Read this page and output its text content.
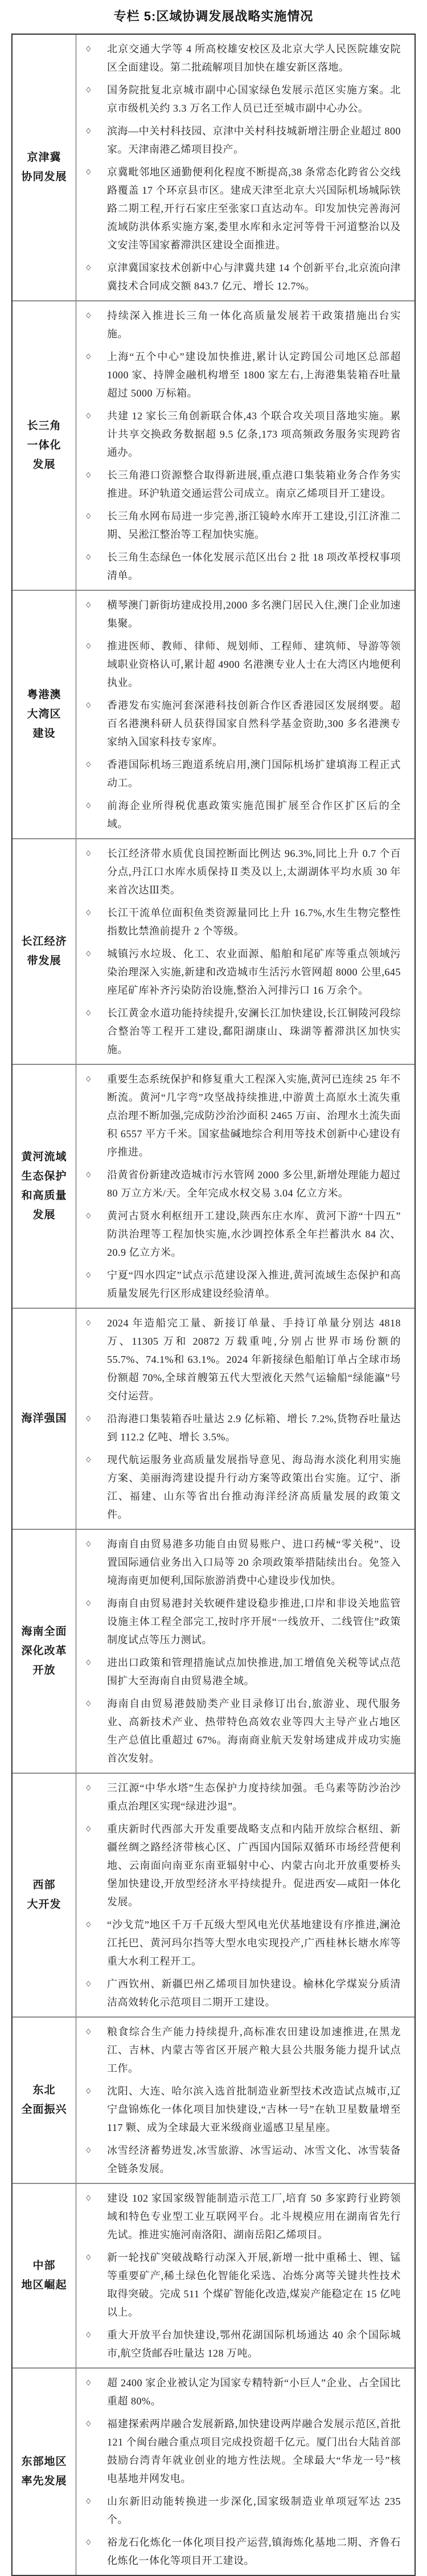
专栏 5:区域协调发展战略实施情况
京津冀
协同发展
◇	北京交通大学等 4 所高校雄安校区及北京大学人民医院雄安院区全面建设。第二批疏解项目加快在雄安新区落地。
◇	国务院批复北京城市副中心国家绿色发展示范区实施方案。北京市级机关约 3.3 万名工作人员已迁至城市副中心办公。
◇	滨海—中关村科技园、京津中关村科技城新增注册企业超过 800 家。天津南港乙烯项目投产。
◇	京冀毗邻地区通勤便利化程度不断提高,38 条常态化跨省公交线路覆盖 17 个环京县市区。建成天津至北京大兴国际机场城际铁路二期工程,开行石家庄至张家口直达动车。印发加快完善海河流域防洪体系实施方案,娄里水库和永定河等骨干河道整治以及文安洼等国家蓄滞洪区建设全面推进。
◇	京津冀国家技术创新中心与津冀共建 14 个创新平台,北京流向津冀技术合同成交额 843.7 亿元、增长 12.7%。
长三角
一体化
发展
◇	持续深入推进长三角一体化高质量发展若干政策措施出台实施。
◇	上海“五个中心”建设加快推进,累计认定跨国公司地区总部超 1000 家、持牌金融机构增至 1800 家左右,上海港集装箱吞吐量超过 5000 万标箱。
◇	共建 12 家长三角创新联合体,43 个联合攻关项目落地实施。累计共享交换政务数据超 9.5 亿条,173 项高频政务服务实现跨省通办。
◇	长三角港口资源整合取得新进展,重点港口集装箱业务合作务实推进。环沪轨道交通运营公司成立。南京乙烯项目开工建设。
◇	长三角水网布局进一步完善,浙江镜岭水库开工建设,引江济淮二期、吴淞江整治等工程加快实施。
◇	长三角生态绿色一体化发展示范区出台 2 批 18 项改革授权事项清单。
粤港澳
大湾区
建设
◇	横琴澳门新街坊建成投用,2000 多名澳门居民入住,澳门企业加速集聚。
◇	推进医师、教师、律师、规划师、工程师、建筑师、导游等领域职业资格认可,累计超 4900 名港澳专业人士在大湾区内地便利执业。
◇	香港发布实施河套深港科技创新合作区香港园区发展纲要。超百名港澳科研人员获得国家自然科学基金资助,300 多名港澳专家纳入国家科技专家库。
◇	香港国际机场三跑道系统启用,澳门国际机场扩建填海工程正式动工。
◇	前海企业所得税优惠政策实施范围扩展至合作区扩区后的全域。
长江经济
带发展
◇	长江经济带水质优良国控断面比例达 96.3%,同比上升 0.7 个百分点,丹江口水库水质保持Ⅱ类及以上,太湖湖体平均水质 30 年来首次达Ⅲ类。
◇	长江干流单位面积鱼类资源量同比上升 16.7%,水生生物完整性指数比禁渔前提升 2 个等级。
◇	城镇污水垃圾、化工、农业面源、船舶和尾矿库等重点领域污染治理深入实施,新建和改造城市生活污水管网超 8000 公里,645 座尾矿库补齐污染防治设施,整治入河排污口 16 万余个。
◇	长江黄金水道功能持续提升,安澜长江加快建设,长江铜陵河段综合整治等工程开工建设,鄱阳湖康山、珠湖等蓄滞洪区加快实施。
黄河流域
生态保护
和高质量
发展
◇	重要生态系统保护和修复重大工程深入实施,黄河已连续 25 年不断流。黄河“几字弯”攻坚战持续推进,中游黄土高原水土流失重点治理不断加强,完成防沙治沙面积 2465 万亩、治理水土流失面积 6557 平方千米。国家盐碱地综合利用等技术创新中心建设有序推进。
◇	沿黄省份新建改造城市污水管网 2000 多公里,新增处理能力超过 80 万立方米/天。全年完成水权交易 3.04 亿立方米。
◇	黄河古贤水利枢纽开工建设,陕西东庄水库、黄河下游“十四五”防洪治理等工程加快实施,水沙调控体系全年拦蓄洪水 84 次、20.9 亿立方米。
◇	宁夏“四水四定”试点示范建设深入推进,黄河流域生态保护和高质量发展先行区形成建设经验清单。
海洋强国
◇	2024 年造船完工量、新接订单量、手持订单量分别达 4818 万、11305 万和 20872 万载重吨,分别占世界市场份额的 55.7%、74.1%和 63.1%。2024 年新接绿色船舶订单占全球市场份额超 70%,全球首艘第五代大型液化天然气运输船“绿能瀛”号交付运营。
◇	沿海港口集装箱吞吐量达 2.9 亿标箱、增长 7.2%,货物吞吐量达到 112.2 亿吨、增长 3.5%。
◇	现代航运服务业高质量发展指导意见、海岛海水淡化利用实施方案、美丽海湾建设提升行动方案等政策出台实施。辽宁、浙江、福建、山东等省出台推动海洋经济高质量发展的政策文件。
海南全面
深化改革
开放
◇	海南自由贸易港多功能自由贸易账户、进口药械“零关税”、设置国际通信业务出入口局等 20 余项政策举措陆续出台。免签入境海南更加便利,国际旅游消费中心建设步伐加快。
◇	海南自由贸易港封关软硬件建设稳步推进,口岸和非设关地监管设施主体工程全部完工,按时序开展“一线放开、二线管住”政策制度试点等压力测试。
◇	进出口政策和管理措施试点加快推进,加工增值免关税等试点范围扩大至海南自由贸易港全域。
◇	海南自由贸易港鼓励类产业目录修订出台,旅游业、现代服务业、高新技术产业、热带特色高效农业等四大主导产业占地区生产总值比重超过 67%。海南商业航天发射场建成并成功实施首次发射。
西部
大开发
◇	三江源“中华水塔”生态保护力度持续加强。毛乌素等防沙治沙重点治理区实现“绿进沙退”。
◇	重庆新时代西部大开发重要战略支点和内陆开放综合枢纽、新疆丝绸之路经济带核心区、广西国内国际双循环市场经营便利地、云南面向南亚东南亚辐射中心、内蒙古向北开放重要桥头堡加快建设,开放型经济水平持续提升。促进西安—咸阳一体化发展。
◇	“沙戈荒”地区千万千瓦级大型风电光伏基地建设有序推进,澜沧江托巴、黄河玛尔挡等大型水电实现投产,广西桂林长塘水库等重大水利工程开工。
◇	广西钦州、新疆巴州乙烯项目加快建设。榆林化学煤炭分质清洁高效转化示范项目二期开工建设。
东北
全面振兴
◇	粮食综合生产能力持续提升,高标准农田建设加速推进,在黑龙江、吉林、内蒙古等省区开展产粮大县公共服务能力提升试点工作。
◇	沈阳、大连、哈尔滨入选首批制造业新型技术改造试点城市,辽宁盘锦炼化一体化项目加快建设,“吉林一号”在轨卫星数量增至 117 颗、成为全球最大亚米级商业遥感卫星星座。
◇	冰雪经济蓄势迸发,冰雪旅游、冰雪运动、冰雪文化、冰雪装备全链条发展。
中部
地区崛起
◇	建设 102 家国家级智能制造示范工厂,培育 50 多家跨行业跨领域和特色专业型工业互联网平台。北斗规模应用在湖南省先行先试。推进实施河南洛阳、湖南岳阳乙烯项目。
◇	新一轮找矿突破战略行动深入开展,新增一批中重稀土、锂、锰等重要矿产,稀土绿色化智能化采选、冶炼分离等关键共性技术取得突破。完成 511 个煤矿智能化改造,煤炭产能稳定在 15 亿吨以上。
◇	重大开放平台加快建设,鄂州花湖国际机场通达 40 余个国际城市,航空货邮吞吐量达 128 万吨。
东部地区
率先发展
◇	超 2400 家企业被认定为国家专精特新“小巨人”企业、占全国比重超 80%。
◇	福建探索两岸融合发展新路,加快建设两岸融合发展示范区,首批 121 个闽台融合重点项目完成投资超千亿元。厦门出台大陆首部鼓励台湾青年就业创业的地方性法规。全球最大“华龙一号”核电基地并网发电。
◇	山东新旧动能转换进一步深化,国家级制造业单项冠军达 235 个。
◇	裕龙石化炼化一体化项目投产运营,镇海炼化基地二期、齐鲁石化炼化一体化等项目开工建设。
